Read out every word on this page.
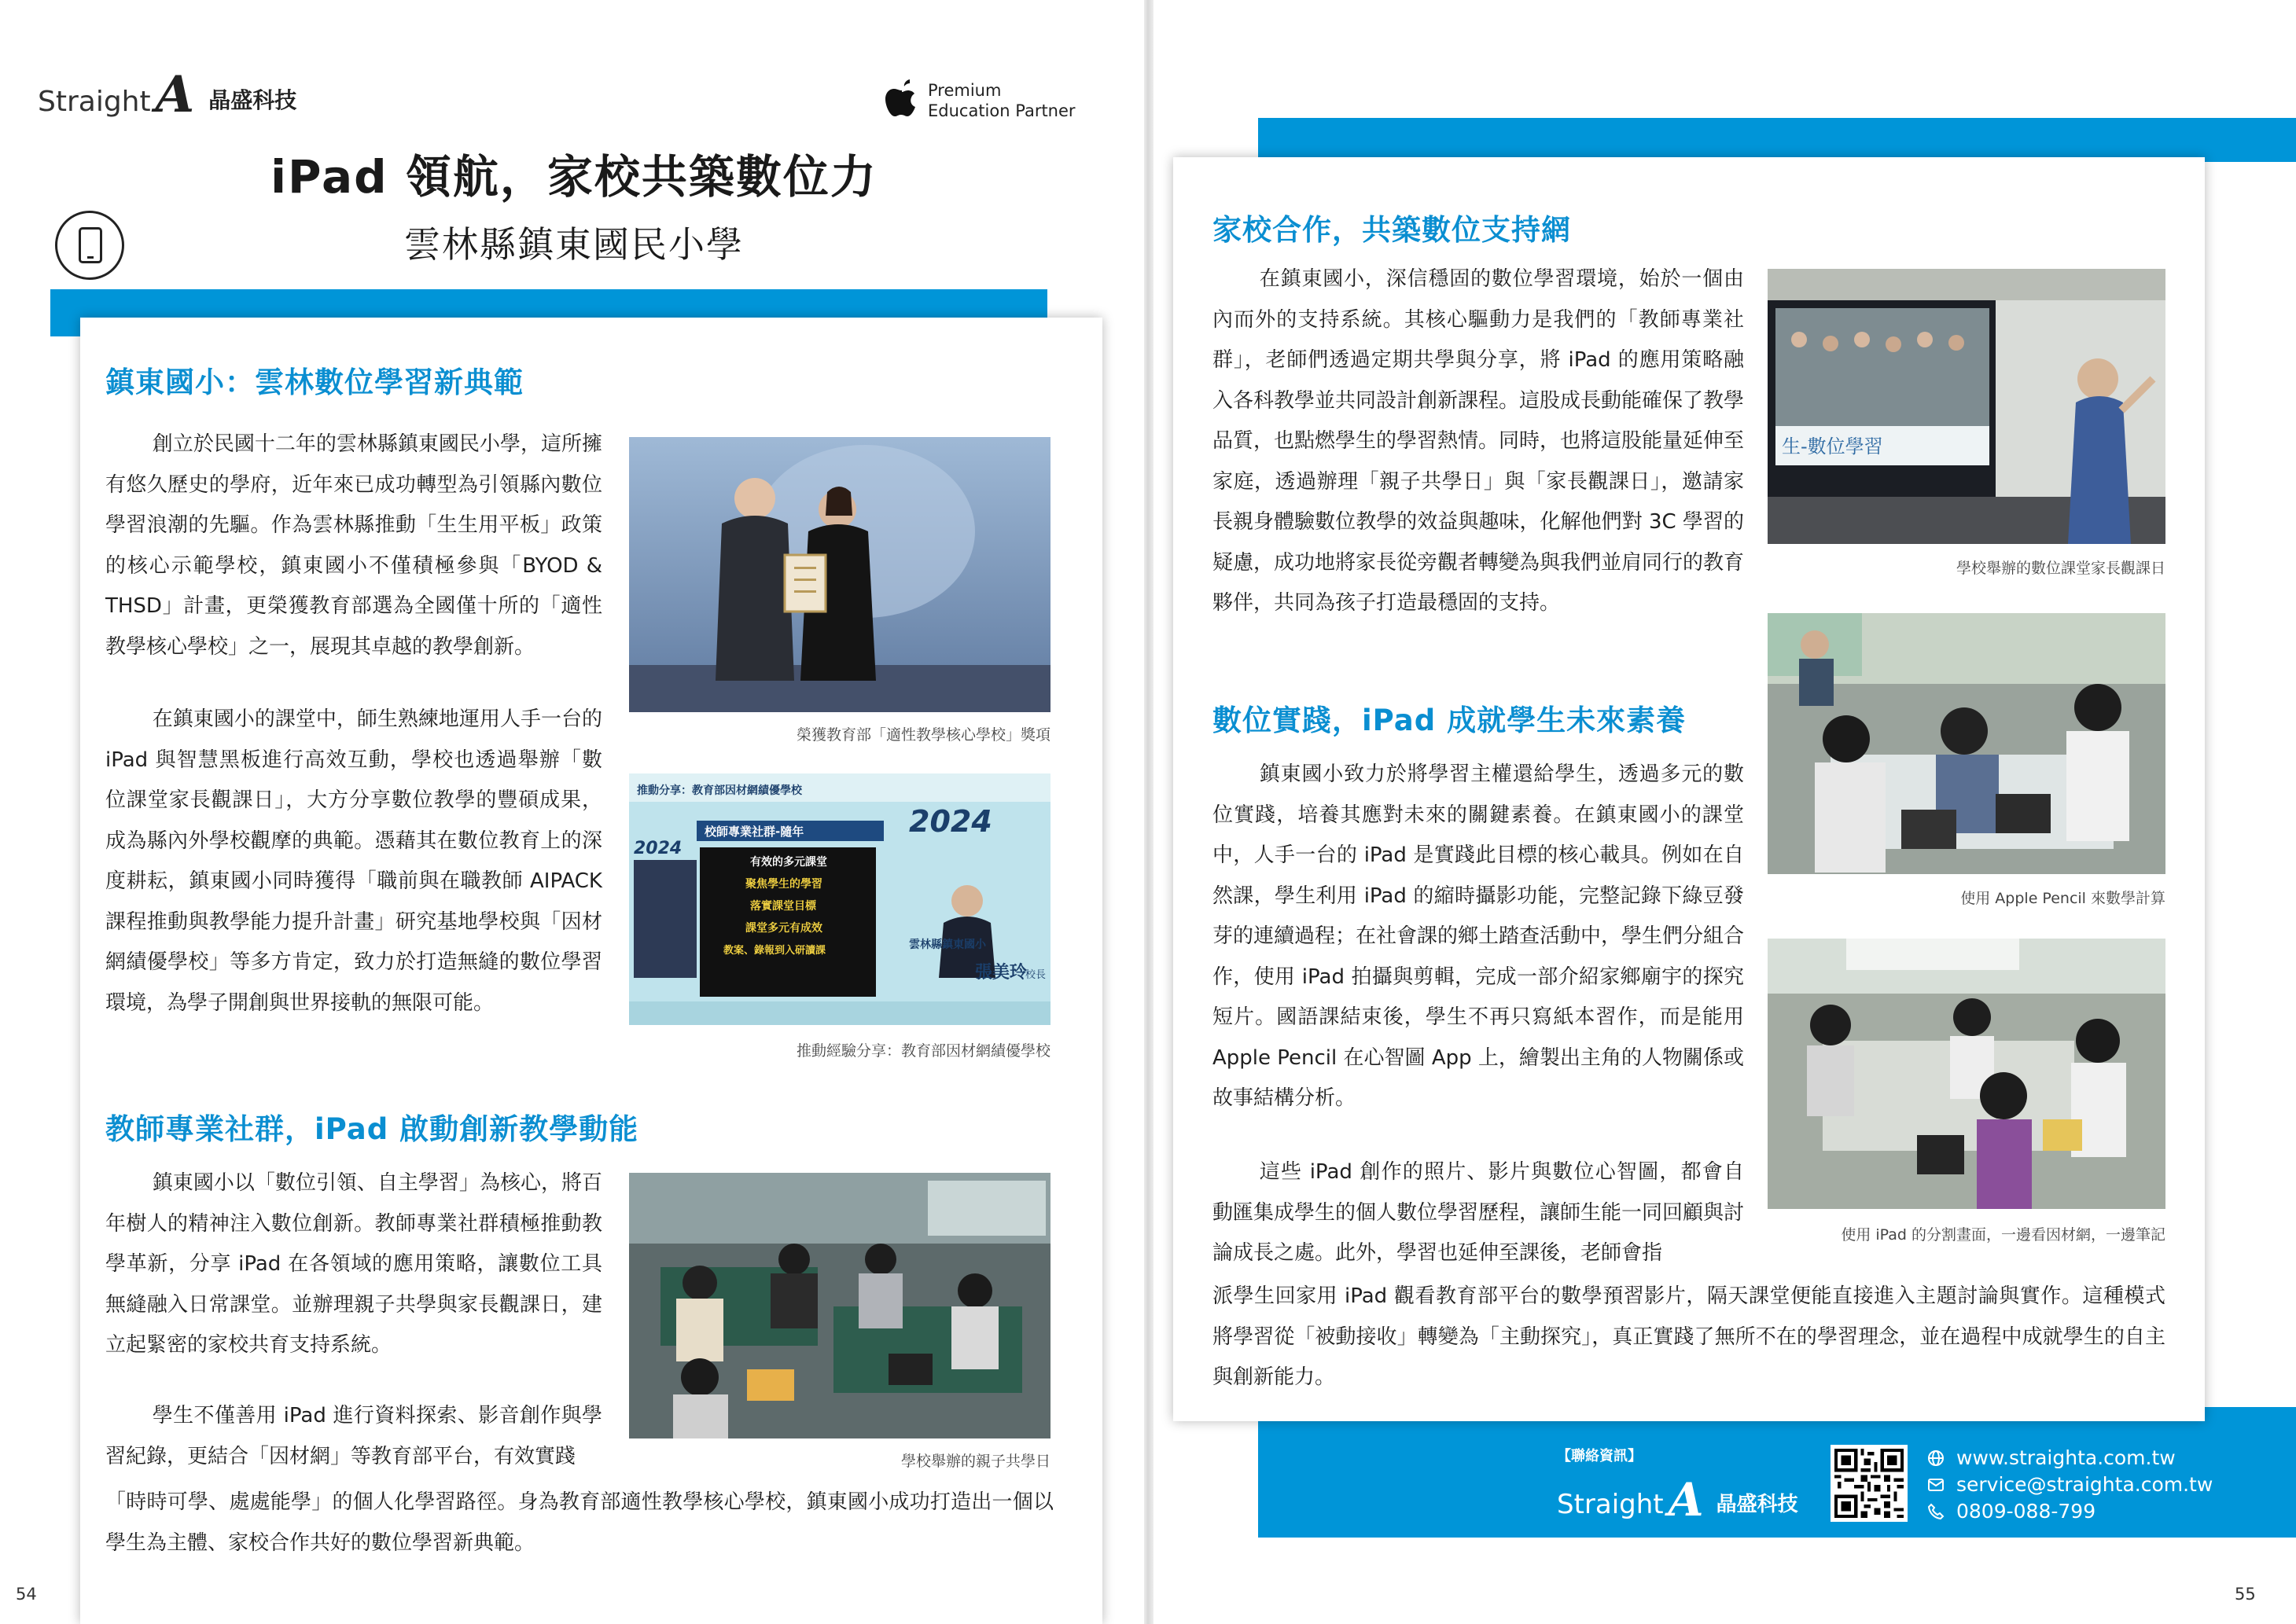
Straight A 晶盛科技	Premium
Education Partner
iPad 領航，家校共築數位力
雲林縣鎮東國民小學
鎮東國小：雲林數位學習新典範
創立於民國十二年的雲林縣鎮東國民小學，這所擁有悠久歷史的學府，近年來已成功轉型為引領縣內數位學習浪潮的先驅。作為雲林縣推動「生生用平板」政策的核心示範學校，鎮東國小不僅積極參與「BYOD & THSD」計畫，更榮獲教育部選為全國僅十所的「適性教學核心學校」之一，展現其卓越的教學創新。
在鎮東國小的課堂中，師生熟練地運用人手一台的 iPad 與智慧黑板進行高效互動，學校也透過舉辦「數位課堂家長觀課日」，大方分享數位教學的豐碩成果，成為縣內外學校觀摩的典範。憑藉其在數位教育上的深度耕耘，鎮東國小同時獲得「職前與在職教師 AIPACK 課程推動與教學能力提升計畫」研究基地學校與「因材網績優學校」等多方肯定，致力於打造無縫的數位學習環境，為學子開創與世界接軌的無限可能。
榮獲教育部「適性教學核心學校」獎項
推動分享：教育部因材網績優學校
2024
校師專業社群-隨年
有效的多元課堂
聚焦學生的學習
落實課堂目標
課堂多元有成效
教案、錄報到入研讀課
2024
雲林縣鎮東國小
張美玲
校長
推動經驗分享：教育部因材網績優學校
教師專業社群，iPad 啟動創新教學動能
鎮東國小以「數位引領、自主學習」為核心，將百年樹人的精神注入數位創新。教師專業社群積極推動教學革新，分享 iPad 在各領域的應用策略，讓數位工具無縫融入日常課堂。並辦理親子共學與家長觀課日，建立起緊密的家校共育支持系統。
學生不僅善用 iPad 進行資料探索、影音創作與學習紀錄，更結合「因材網」等教育部平台，有效實踐
「時時可學、處處能學」的個人化學習路徑。身為教育部適性教學核心學校，鎮東國小成功打造出一個以學生為主體、家校合作共好的數位學習新典範。
學校舉辦的親子共學日
54
家校合作，共築數位支持網
在鎮東國小，深信穩固的數位學習環境，始於一個由內而外的支持系統。其核心驅動力是我們的「教師專業社群」，老師們透過定期共學與分享，將 iPad 的應用策略融入各科教學並共同設計創新課程。這股成長動能確保了教學品質，也點燃學生的學習熱情。同時，也將這股能量延伸至家庭，透過辦理「親子共學日」與「家長觀課日」，邀請家長親身體驗數位教學的效益與趣味，化解他們對 3C 學習的疑慮，成功地將家長從旁觀者轉變為與我們並肩同行的教育夥伴，共同為孩子打造最穩固的支持。
生-數位學習
學校舉辦的數位課堂家長觀課日
數位實踐，iPad 成就學生未來素養
鎮東國小致力於將學習主權還給學生，透過多元的數位實踐，培養其應對未來的關鍵素養。在鎮東國小的課堂中，人手一台的 iPad 是實踐此目標的核心載具。例如在自然課，學生利用 iPad 的縮時攝影功能，完整記錄下綠豆發芽的連續過程；在社會課的鄉土踏查活動中，學生們分組合作，使用 iPad 拍攝與剪輯，完成一部介紹家鄉廟宇的探究短片。國語課結束後，學生不再只寫紙本習作，而是能用 Apple Pencil 在心智圖 App 上，繪製出主角的人物關係或故事結構分析。
這些 iPad 創作的照片、影片與數位心智圖，都會自動匯集成學生的個人數位學習歷程，讓師生能一同回顧與討論成長之處。此外，學習也延伸至課後，老師會指
派學生回家用 iPad 觀看教育部平台的數學預習影片，隔天課堂便能直接進入主題討論與實作。這種模式將學習從「被動接收」轉變為「主動探究」，真正實踐了無所不在的學習理念，並在過程中成就學生的自主與創新能力。
使用 Apple Pencil 來數學計算
使用 iPad 的分割畫面，一邊看因材網，一邊筆記
【聯絡資訊】
Straight A 晶盛科技
www.straighta.com.tw
service@straighta.com.tw
0809-088-799
55
